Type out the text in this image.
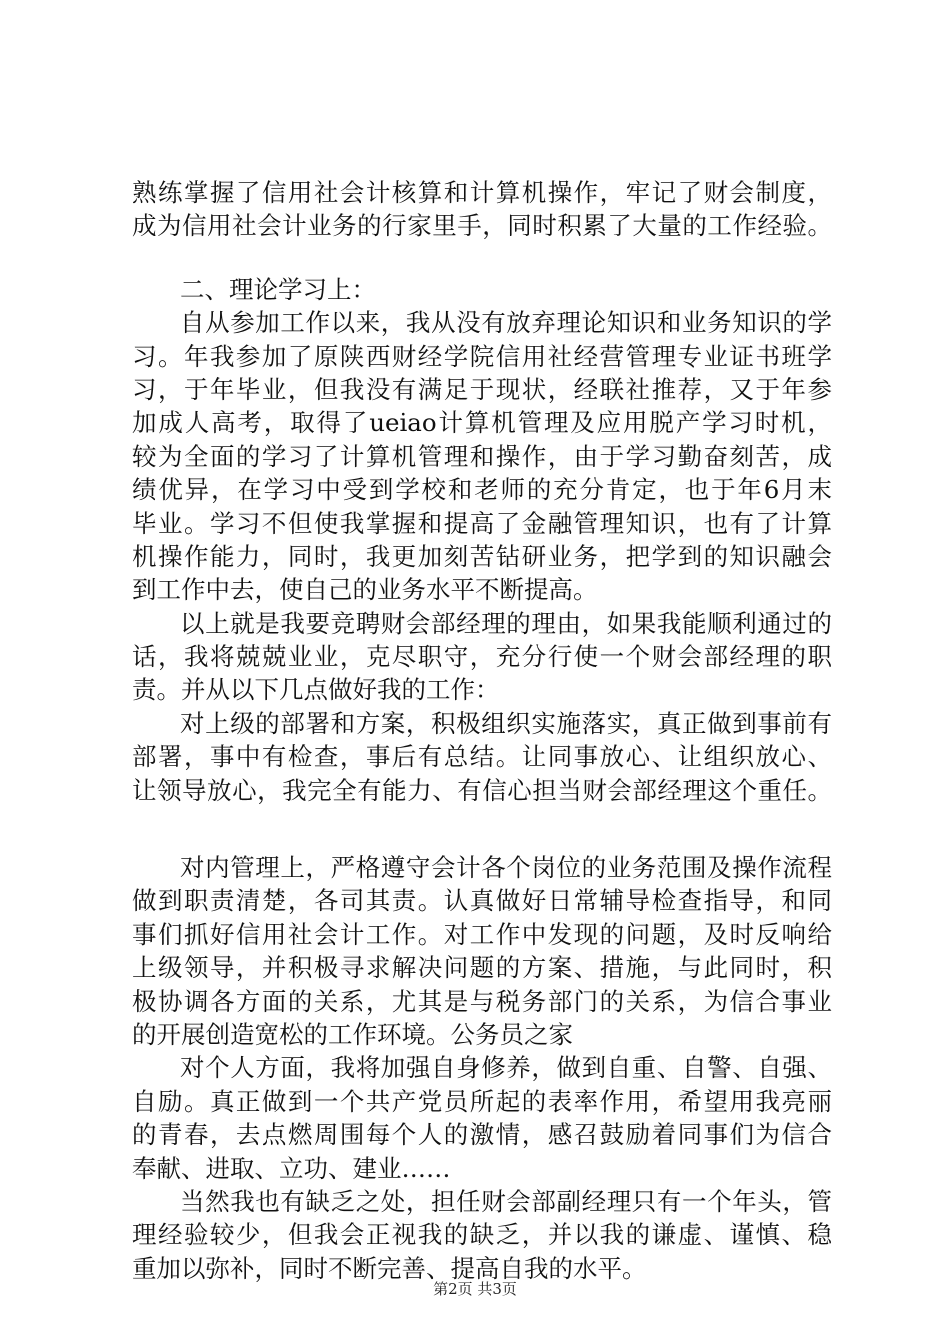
熟练掌握了信用社会计核算和计算机操作，牢记了财会制度，
成为信用社会计业务的行家里手，同时积累了大量的工作经验。
二、理论学习上：
自从参加工作以来，我从没有放弃理论知识和业务知识的学
习。年我参加了原陕西财经学院信用社经营管理专业证书班学
习，于年毕业，但我没有满足于现状，经联社推荐，又于年参
加成人高考，取得了ueiao计算机管理及应用脱产学习时机，
较为全面的学习了计算机管理和操作，由于学习勤奋刻苦，成
绩优异，在学习中受到学校和老师的充分肯定，也于年6月末
毕业。学习不但使我掌握和提高了金融管理知识，也有了计算
机操作能力，同时，我更加刻苦钻研业务，把学到的知识融会
到工作中去，使自己的业务水平不断提高。
以上就是我要竞聘财会部经理的理由，如果我能顺利通过的
话，我将兢兢业业，克尽职守，充分行使一个财会部经理的职
责。并从以下几点做好我的工作：
对上级的部署和方案，积极组织实施落实，真正做到事前有
部署，事中有检查，事后有总结。让同事放心、让组织放心、
让领导放心，我完全有能力、有信心担当财会部经理这个重任。
对内管理上，严格遵守会计各个岗位的业务范围及操作流程
做到职责清楚，各司其责。认真做好日常辅导检查指导，和同
事们抓好信用社会计工作。对工作中发现的问题，及时反响给
上级领导，并积极寻求解决问题的方案、措施，与此同时，积
极协调各方面的关系，尤其是与税务部门的关系，为信合事业
的开展创造宽松的工作环境。公务员之家
对个人方面，我将加强自身修养，做到自重、自警、自强、
自励。真正做到一个共产党员所起的表率作用，希望用我亮丽
的青春，去点燃周围每个人的激情，感召鼓励着同事们为信合
奉献、进取、立功、建业……
当然我也有缺乏之处，担任财会部副经理只有一个年头，管
理经验较少，但我会正视我的缺乏，并以我的谦虚、谨慎、稳
重加以弥补，同时不断完善、提高自我的水平。
第2页 共3页
